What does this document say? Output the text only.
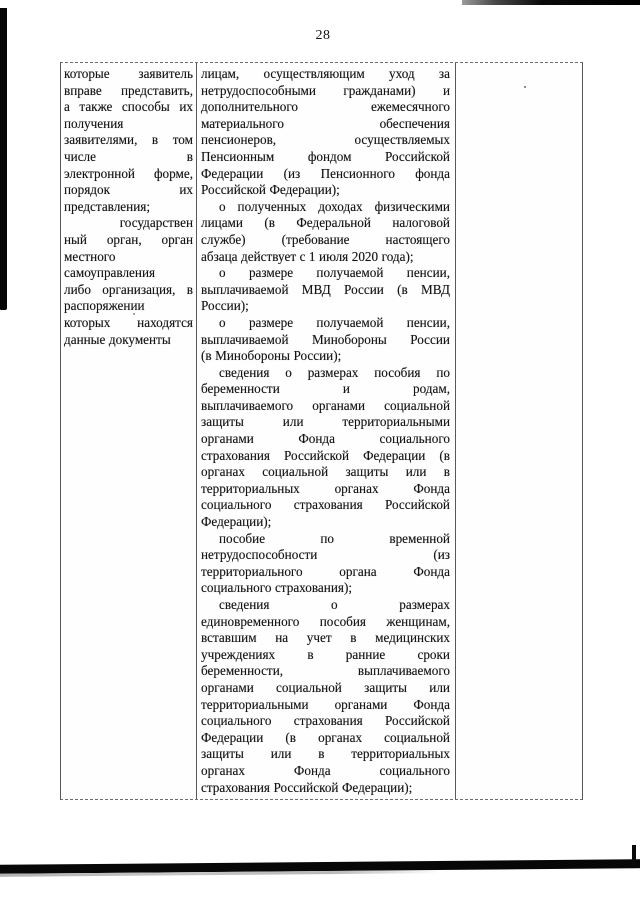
28
которые заявитель
вправе представить,
а также способы их
получения
заявителями, в том
числе в
электронной форме,
порядок их
представления;
государствен
ный орган, орган
местного
самоуправления
либо организация, в
распоряжении
которых находятся
данные документы
лицам, осуществляющим уход за
нетрудоспособными гражданами) и
дополнительного ежемесячного
материального обеспечения
пенсионеров, осуществляемых
Пенсионным фондом Российской
Федерации (из Пенсионного фонда
Российской Федерации);
о полученных доходах физическими
лицами (в Федеральной налоговой
службе) (требование настоящего
абзаца действует с 1 июля 2020 года);
о размере получаемой пенсии,
выплачиваемой МВД России (в МВД
России);
о размере получаемой пенсии,
выплачиваемой Минобороны России
(в Минобороны России);
сведения о размерах пособия по
беременности и родам,
выплачиваемого органами социальной
защиты или территориальными
органами Фонда социального
страхования Российской Федерации (в
органах социальной защиты или в
территориальных органах Фонда
социального страхования Российской
Федерации);
пособие по временной
нетрудоспособности (из
территориального органа Фонда
социального страхования);
сведения о размерах
единовременного пособия женщинам,
вставшим на учет в медицинских
учреждениях в ранние сроки
беременности, выплачиваемого
органами социальной защиты или
территориальными органами Фонда
социального страхования Российской
Федерации (в органах социальной
защиты или в территориальных
органах Фонда социального
страхования Российской Федерации);
